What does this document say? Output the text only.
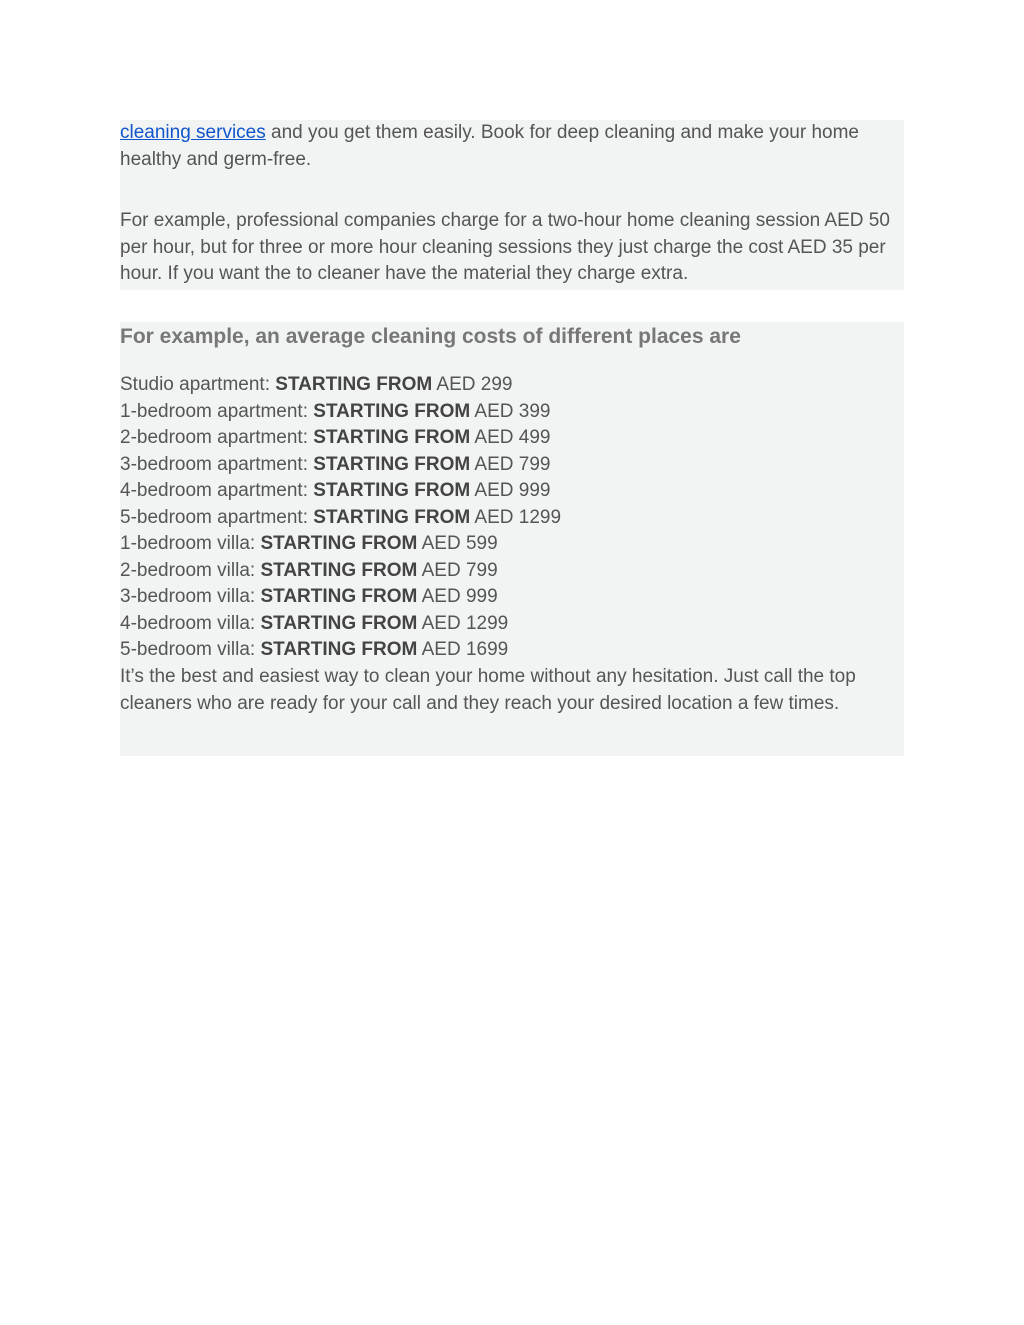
cleaning services and you get them easily. Book for deep cleaning and make your home healthy and germ-free.

For example, professional companies charge for a two-hour home cleaning session AED 50 per hour, but for three or more hour cleaning sessions they just charge the cost AED 35 per hour. If you want the to cleaner have the material they charge extra.

For example, an average cleaning costs of different places are
Studio apartment: STARTING FROM AED 299
1-bedroom apartment: STARTING FROM AED 399
2-bedroom apartment: STARTING FROM AED 499
3-bedroom apartment: STARTING FROM AED 799
4-bedroom apartment: STARTING FROM AED 999
5-bedroom apartment: STARTING FROM AED 1299
1-bedroom villa: STARTING FROM AED 599
2-bedroom villa: STARTING FROM AED 799
3-bedroom villa: STARTING FROM AED 999
4-bedroom villa: STARTING FROM AED 1299
5-bedroom villa: STARTING FROM AED 1699

It’s the best and easiest way to clean your home without any hesitation. Just call the top cleaners who are ready for your call and they reach your desired location a few times.
